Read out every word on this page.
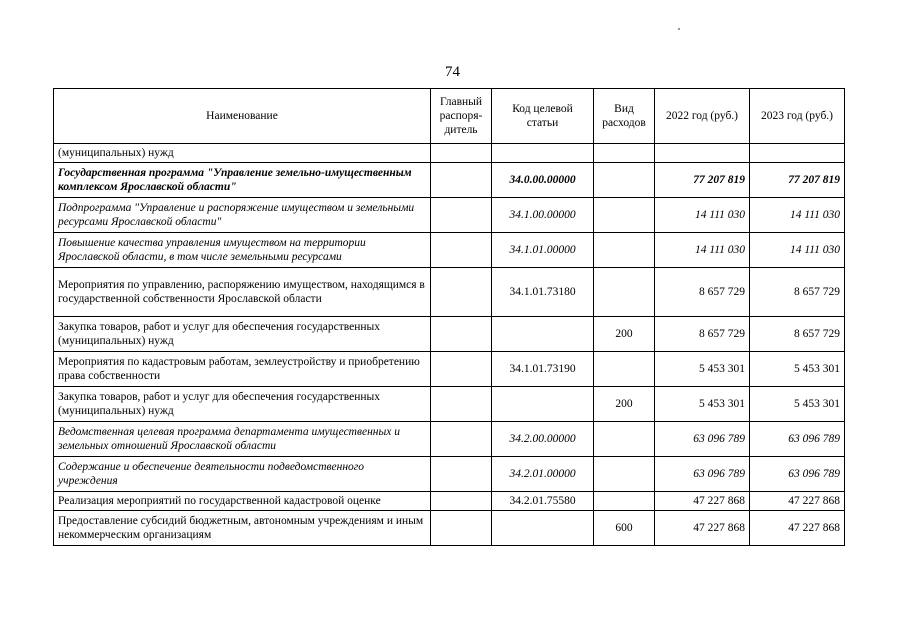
74
Наименование	Главный распоря-дитель	Код целевой статьи	Вид расходов	2022 год (руб.)	2023 год (руб.)
(муниципальных) нужд					
Государственная программа "Управление земельно-имущественным комплексом Ярославской области"		34.0.00.00000		77 207 819	77 207 819
Подпрограмма "Управление и распоряжение имуществом и земельными ресурсами Ярославской области"		34.1.00.00000		14 111 030	14 111 030
Повышение качества управления имуществом на территории Ярославской области, в том числе земельными ресурсами		34.1.01.00000		14 111 030	14 111 030
Мероприятия по управлению, распоряжению имуществом, находящимся в государственной собственности Ярославской области		34.1.01.73180		8 657 729	8 657 729
Закупка товаров, работ и услуг для обеспечения государственных (муниципальных) нужд			200	8 657 729	8 657 729
Мероприятия по кадастровым работам, землеустройству и приобретению права собственности		34.1.01.73190		5 453 301	5 453 301
Закупка товаров, работ и услуг для обеспечения государственных (муниципальных) нужд			200	5 453 301	5 453 301
Ведомственная целевая программа департамента имущественных и земельных отношений Ярославской области		34.2.00.00000		63 096 789	63 096 789
Содержание и обеспечение деятельности подведомственного учреждения		34.2.01.00000		63 096 789	63 096 789
Реализация мероприятий по государственной кадастровой оценке		34.2.01.75580		47 227 868	47 227 868
Предоставление субсидий бюджетным, автономным учреждениям и иным некоммерческим организациям			600	47 227 868	47 227 868
